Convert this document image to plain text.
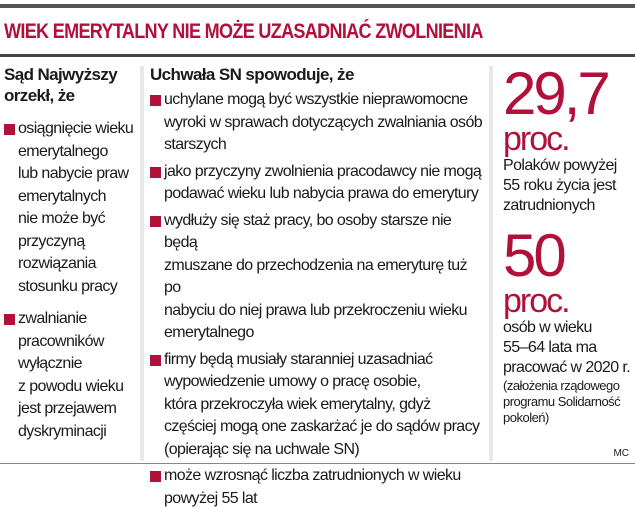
WIEK EMERYTALNY NIE MOŻE UZASADNIAĆ ZWOLNIENIA
Sąd Najwyższy
orzekł, że
osiągnięcie wieku
emerytalnego
lub nabycie praw
emerytalnych
nie może być
przyczyną
rozwiązania
stosunku pracy
zwalnianie
pracowników
wyłącznie
z powodu wieku
jest przejawem
dyskryminacji
Uchwała SN spowoduje, że
uchylane mogą być wszystkie nieprawomocne
wyroki w sprawach dotyczących zwalniania osób
starszych
jako przyczyny zwolnienia pracodawcy nie mogą
podawać wieku lub nabycia prawa do emerytury
wydłuży się staż pracy, bo osoby starsze nie będą
zmuszane do przechodzenia na emeryturę tuż po
nabyciu do niej prawa lub przekroczeniu wieku
emerytalnego
firmy będą musiały staranniej uzasadniać
wypowiedzenie umowy o pracę osobie,
która przekroczyła wiek emerytalny, gdyż
częściej mogą one zaskarżać je do sądów pracy
(opierając się na uchwale SN)
może wzrosnąć liczba zatrudnionych w wieku
powyżej 55 lat
29,7
proc.
Polaków powyżej
55 roku życia jest
zatrudnionych
50
proc.
osób w wieku
55–64 lata ma
pracować w 2020 r.
(założenia rządowego
programu Solidarność
pokoleń)
MC
